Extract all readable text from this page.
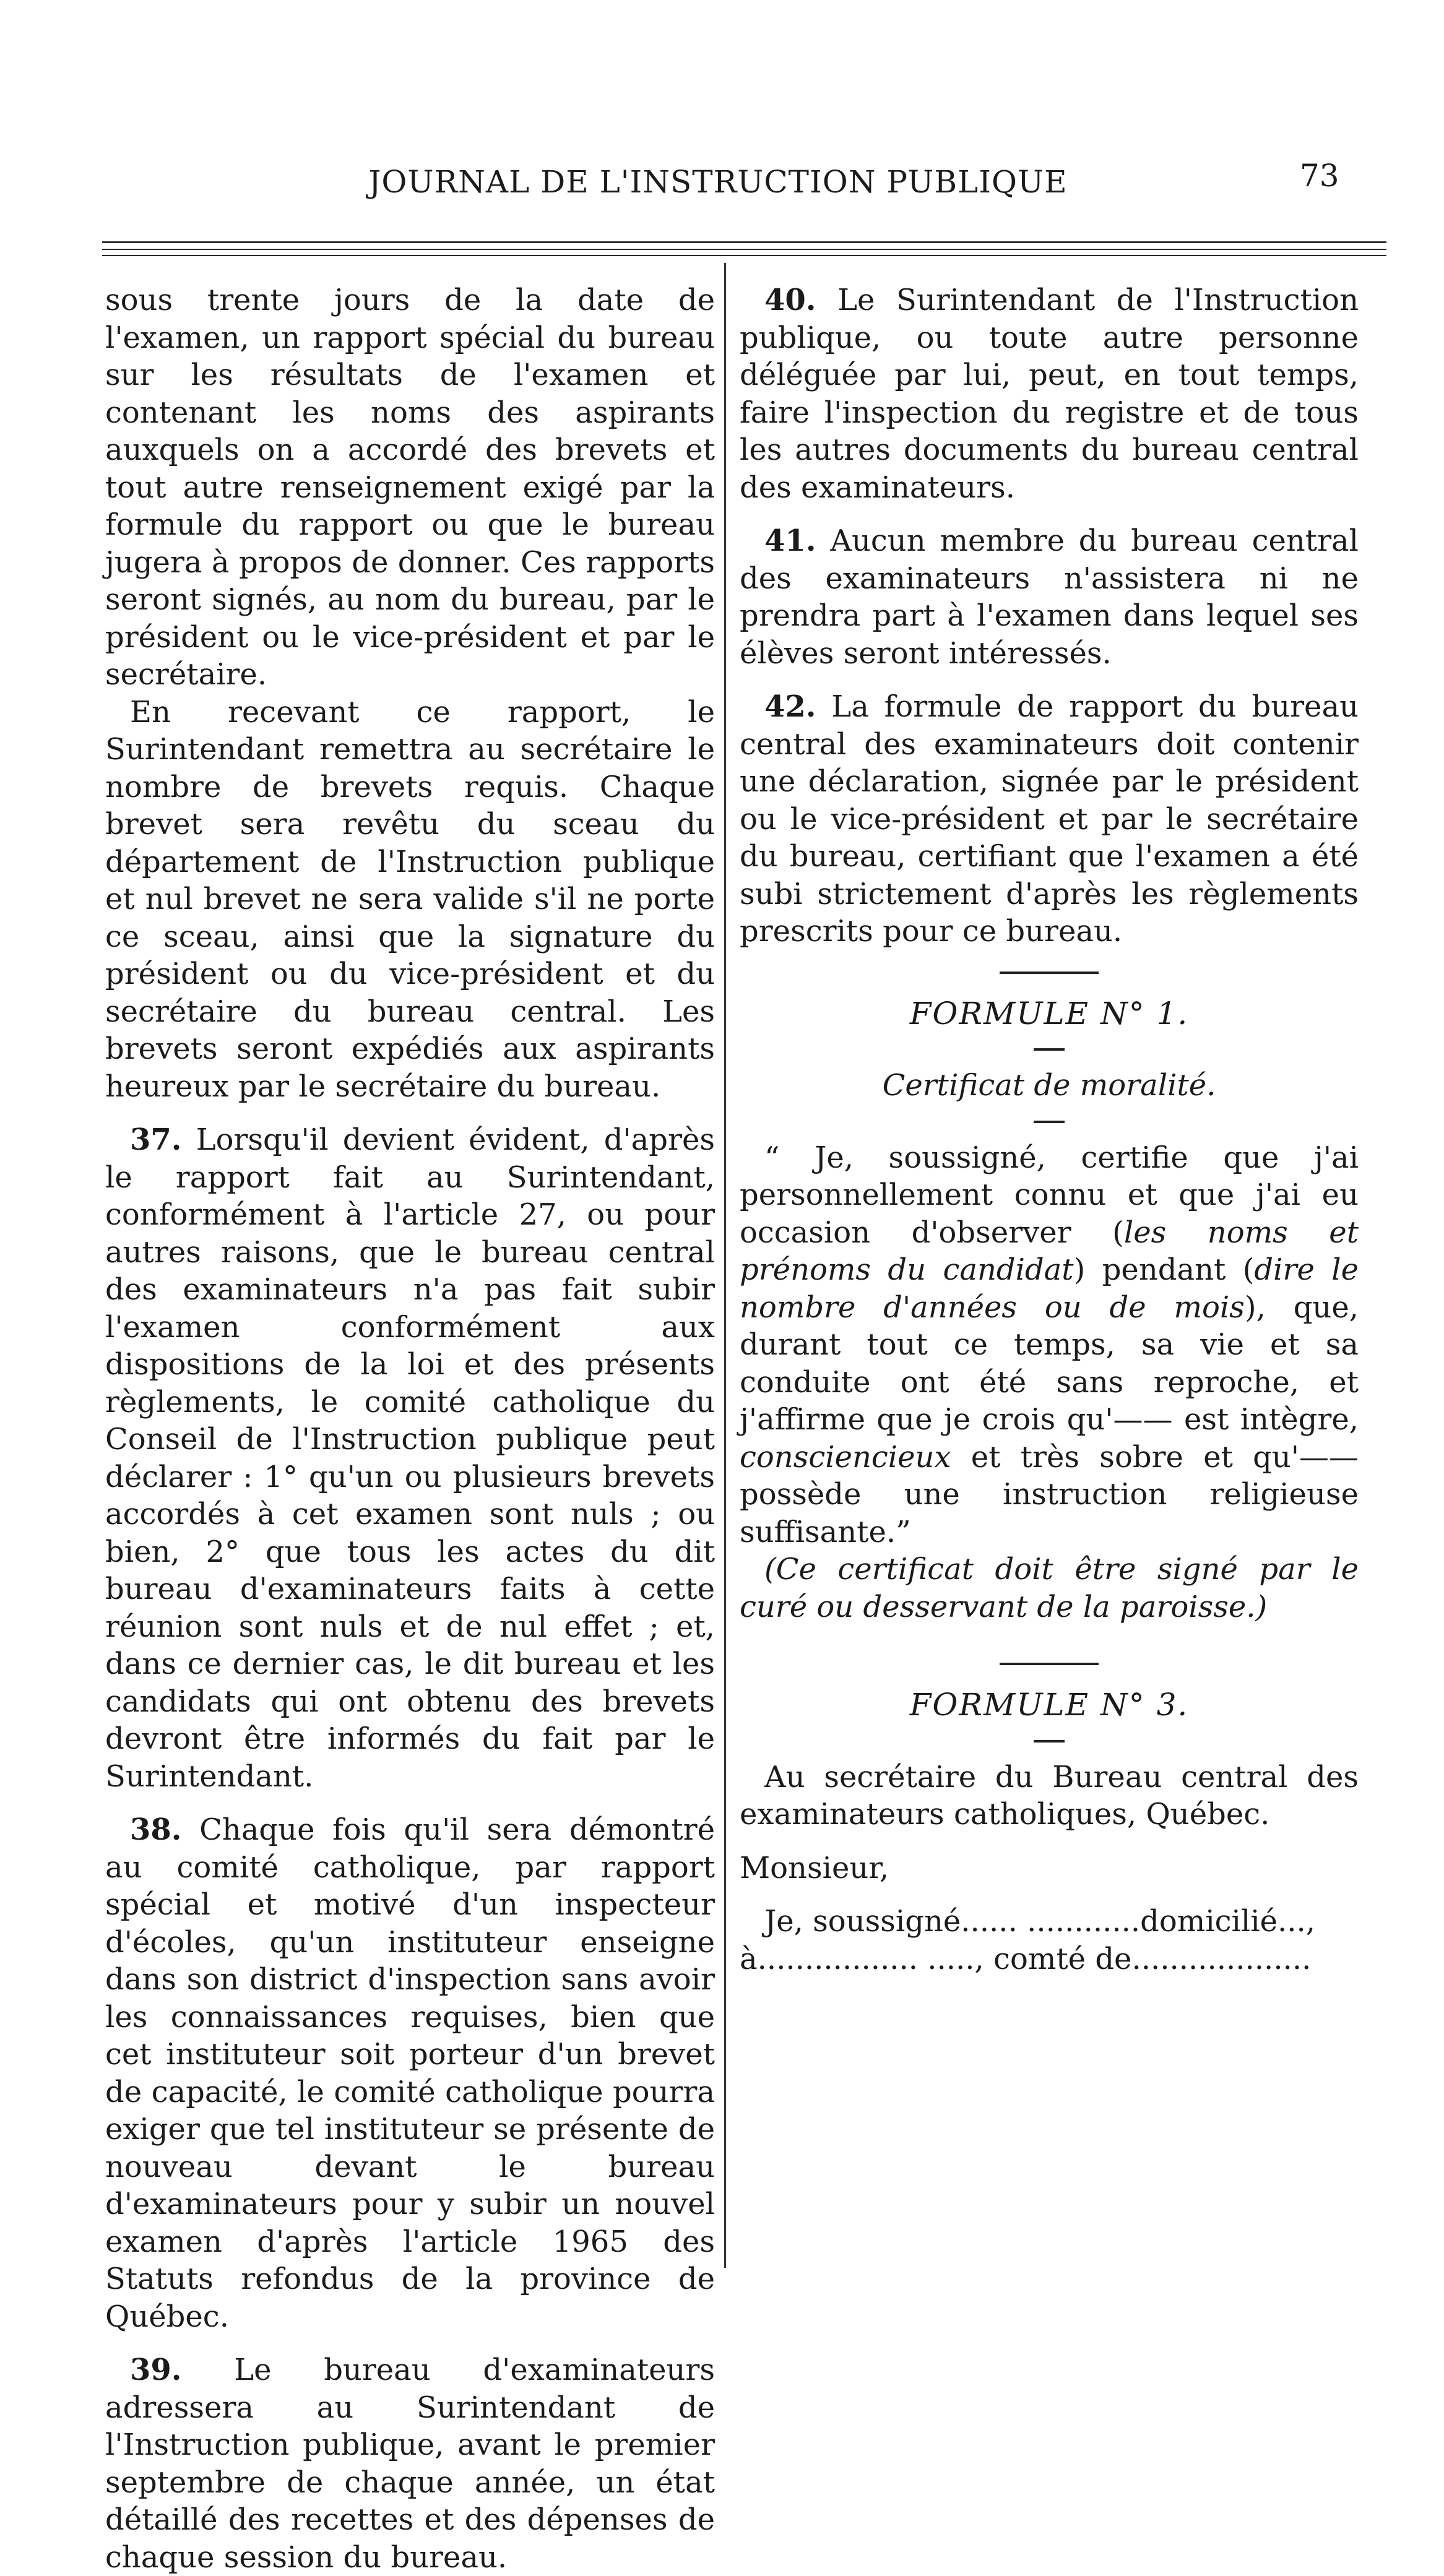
JOURNAL DE L'INSTRUCTION PUBLIQUE	73

sous trente jours de la date de l'examen, un rapport spécial du bureau sur les résultats de l'examen et contenant les noms des aspirants auxquels on a accordé des brevets et tout autre renseignement exigé par la formule du rapport ou que le bureau jugera à propos de donner. Ces rapports seront signés, au nom du bureau, par le président ou le vice-président et par le secrétaire.

En recevant ce rapport, le Surintendant remettra au secrétaire le nombre de brevets requis. Chaque brevet sera revêtu du sceau du département de l'Instruction publique et nul brevet ne sera valide s'il ne porte ce sceau, ainsi que la signature du président ou du vice-président et du secrétaire du bureau central. Les brevets seront expédiés aux aspirants heureux par le secrétaire du bureau.

37. Lorsqu'il devient évident, d'après le rapport fait au Surintendant, conformément à l'article 27, ou pour autres raisons, que le bureau central des examinateurs n'a pas fait subir l'examen conformément aux dispositions de la loi et des présents règlements, le comité catholique du Conseil de l'Instruction publique peut déclarer : 1° qu'un ou plusieurs brevets accordés à cet examen sont nuls ; ou bien, 2° que tous les actes du dit bureau d'examinateurs faits à cette réunion sont nuls et de nul effet ; et, dans ce dernier cas, le dit bureau et les candidats qui ont obtenu des brevets devront être informés du fait par le Surintendant.

38. Chaque fois qu'il sera démontré au comité catholique, par rapport spécial et motivé d'un inspecteur d'écoles, qu'un instituteur enseigne dans son district d'inspection sans avoir les connaissances requises, bien que cet instituteur soit porteur d'un brevet de capacité, le comité catholique pourra exiger que tel instituteur se présente de nouveau devant le bureau d'examinateurs pour y subir un nouvel examen d'après l'article 1965 des Statuts refondus de la province de Québec.

39. Le bureau d'examinateurs adressera au Surintendant de l'Instruction publique, avant le premier septembre de chaque année, un état détaillé des recettes et des dépenses de chaque session du bureau.

40. Le Surintendant de l'Instruction publique, ou toute autre personne déléguée par lui, peut, en tout temps, faire l'inspection du registre et de tous les autres documents du bureau central des examinateurs.

41. Aucun membre du bureau central des examinateurs n'assistera ni ne prendra part à l'examen dans lequel ses élèves seront intéressés.

42. La formule de rapport du bureau central des examinateurs doit contenir une déclaration, signée par le président ou le vice-président et par le secrétaire du bureau, certifiant que l'examen a été subi strictement d'après les règlements prescrits pour ce bureau.

FORMULE N° 1.

Certificat de moralité.

“ Je, soussigné, certifie que j'ai personnellement connu et que j'ai eu occasion d'observer (les noms et prénoms du candidat) pendant (dire le nombre d'années ou de mois), que, durant tout ce temps, sa vie et sa conduite ont été sans reproche, et j'affirme que je crois qu'—— est intègre, consciencieux et très sobre et qu'—— possède une instruction religieuse suffisante.”

(Ce certificat doit être signé par le curé ou desservant de la paroisse.)

FORMULE N° 3.

Au secrétaire du Bureau central des examinateurs catholiques, Québec.

Monsieur,

Je, soussigné...... ............domicilié...,

à................. ....., comté de...................
